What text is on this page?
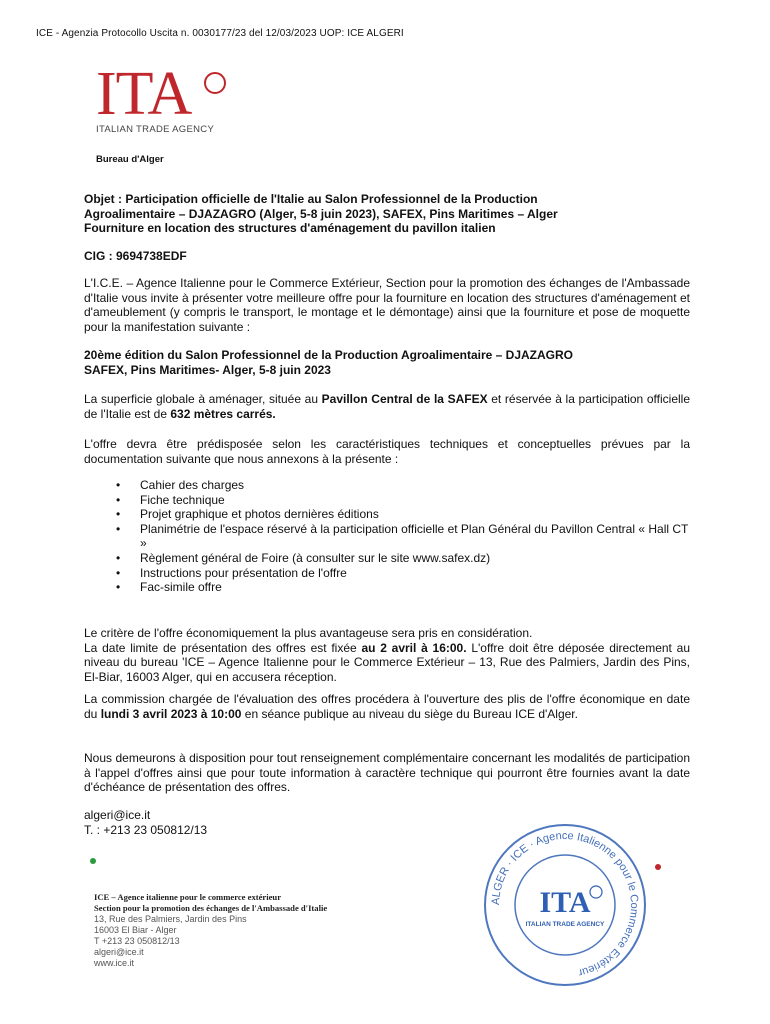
ICE - Agenzia Protocollo Uscita n. 0030177/23 del 12/03/2023 UOP: ICE ALGERI
ITA
ITALIAN TRADE AGENCY
Bureau d'Alger
Objet : Participation officielle de l'Italie au Salon Professionnel de la Production
Agroalimentaire – DJAZAGRO (Alger, 5-8 juin 2023), SAFEX, Pins Maritimes – Alger
Fourniture en location des structures d'aménagement du pavillon italien
CIG : 9694738EDF
L'I.C.E. – Agence Italienne pour le Commerce Extérieur, Section pour la promotion des échanges de l'Ambassade d'Italie vous invite à présenter votre meilleure offre pour la fourniture en location des structures d'aménagement et d'ameublement (y compris le transport, le montage et le démontage) ainsi que la fourniture et pose de moquette pour la manifestation suivante :
20ème édition du Salon Professionnel de la Production Agroalimentaire – DJAZAGRO
SAFEX, Pins Maritimes- Alger, 5-8 juin 2023
La superficie globale à aménager, située au Pavillon Central de la SAFEX et réservée à la participation officielle de l'Italie est de 632 mètres carrés.
L'offre devra être prédisposée selon les caractéristiques techniques et conceptuelles prévues par la documentation suivante que nous annexons à la présente :
• Cahier des charges
• Fiche technique
• Projet graphique et photos dernières éditions
• Planimétrie de l'espace réservé à la participation officielle et Plan Général du Pavillon Central « Hall CT »
• Règlement général de Foire (à consulter sur le site www.safex.dz)
• Instructions pour présentation de l'offre
• Fac-simile offre
Le critère de l'offre économiquement la plus avantageuse sera pris en considération.
La date limite de présentation des offres est fixée au 2 avril à 16:00. L'offre doit être déposée directement au niveau du bureau 'ICE – Agence Italienne pour le Commerce Extérieur – 13, Rue des Palmiers, Jardin des Pins, El-Biar, 16003 Alger, qui en accusera réception.
La commission chargée de l'évaluation des offres procédera à l'ouverture des plis de l'offre économique en date du lundi 3 avril 2023 à 10:00 en séance publique au niveau du siège du Bureau ICE d'Alger.
Nous demeurons à disposition pour tout renseignement complémentaire concernant les modalités de participation à l'appel d'offres ainsi que pour toute information à caractère technique qui pourront être fournies avant la date d'échéance de présentation des offres.
algeri@ice.it
T. : +213 23 050812/13
ICE – Agence italienne pour le commerce extérieur
Section pour la promotion des échanges de l'Ambassade d'Italie
13, Rue des Palmiers, Jardin des Pins
16003 El Biar - Alger
T +213 23 050812/13
algeri@ice.it
www.ice.it
ALGER · ICE · Agence Italienne pour le Commerce Extérieur
ITA
ITALIAN TRADE AGENCY
